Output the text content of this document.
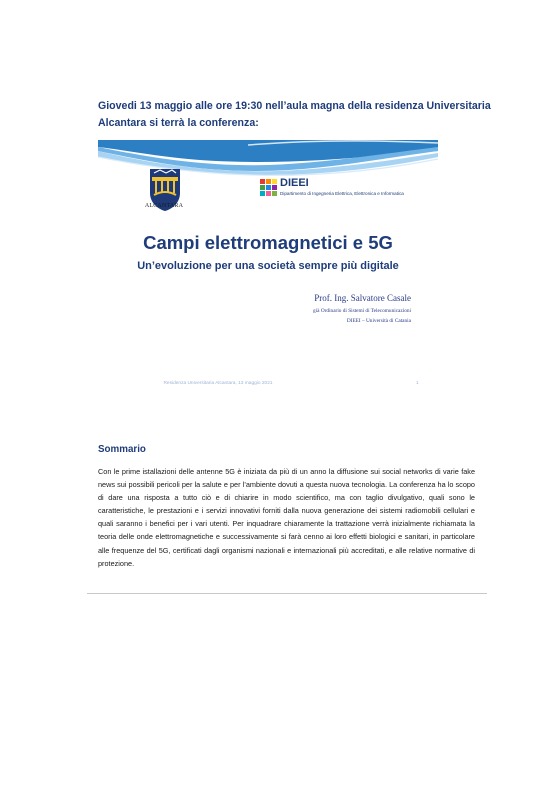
Giovedi 13 maggio alle ore 19:30 nell’aula magna della residenza Universitaria
Alcantara si terrà la conferenza:
ALCANTARA
DIEEI
Dipartimento di Ingegneria Elettrica, Elettronica e Informatica
Campi elettromagnetici e 5G
Un’evoluzione per una società sempre più digitale
Prof. Ing. Salvatore Casale
già Ordinario di Sistemi di Telecomunicazioni
DIEEI – Università di Catania
Residenza Universitaria Alcantara, 13 maggio 2021	1
Sommario
Con le prime istallazioni delle antenne 5G è iniziata da più di un anno la diffusione sui social networks di varie fake news sui possibili pericoli per la salute e per l’ambiente dovuti a questa nuova tecnologia. La conferenza ha lo scopo di dare una risposta a tutto ciò e di chiarire in modo scientifico, ma con taglio divulgativo, quali sono le caratteristiche, le prestazioni e i servizi innovativi forniti dalla nuova generazione dei sistemi radiomobili cellulari e quali saranno i benefici per i vari utenti. Per inquadrare chiaramente la trattazione verrà inizialmente richiamata la teoria delle onde elettromagnetiche e successivamente si farà cenno ai loro effetti biologici e sanitari, in particolare alle frequenze del 5G, certificati dagli organismi nazionali e internazionali più accreditati, e alle relative normative di protezione.
